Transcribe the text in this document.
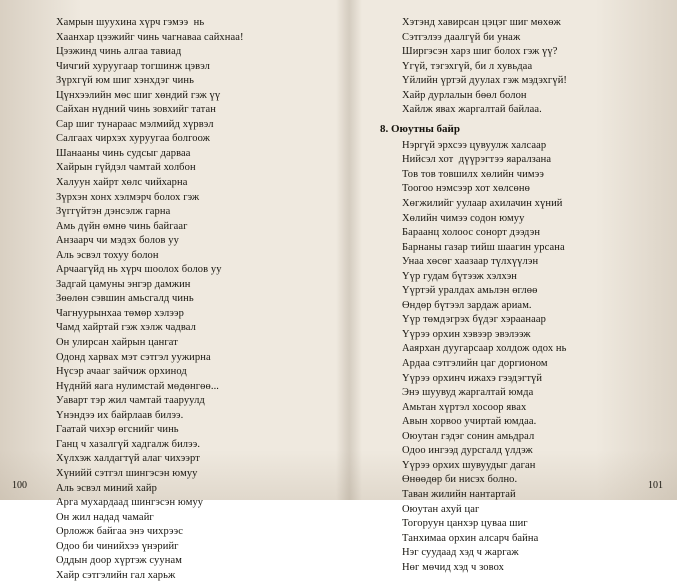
Хамрын шуухина хүрч гэмээ  нь
Хаанхар цээжийг чинь чагнаваа сайхнаа!
Цээжинд чинь алгаа тавиад
Чичгий хуруугаар тогшинж цэвэл
Зүрхгүй юм шиг хэнхдэг чинь
Цүнхээлийн мөс шиг хөндий гэж үү
Сайхан нүдний чинь зовхийг татан
Сар шиг тунараас мэлмийд хүрвэл
Салгаах чирхэх хуруугаа болгоож
Шанааны чинь судсыг дарваа
Хайрын гүйдэл чамтай холбон
Халуун хайрт хөлс чийхарна
Зүрхэн хонх хэлмэрч болох гэж
Зүггүйтэн дэнсэлж гарна
Амь дүйн өмнө чинь байгааг
Анзаарч чи мэдэх болов уу
Аль эсвэл тохуу болон
Арчаагүйд нь хүрч шоолох болов уу
Задгай цамуны энгэр дамжин
Зөөлөн сэвшин амьсгалд чинь
Чагнуурынхаа төмөр хэлээр
Чамд хайртай гэж хэлж чадвал
Он улирсан хайрын цангат
Одонд харвах мэт сэтгэл уужирна
Нүсэр ачааг зайчиж орхинод
Нүднйй яага нулимстай мөдөнгөө...
Уаварт тэр жил чамтай тааруулд
Үнэндээ их байрлаав билээ.
Гаатай чихэр өгснийг чинь
Ганц ч хазалгүй хадгалж билээ.
Хүлхэж халдагтүй алаг чихээрт
Хүнийй сэтгэл шингэсэн юмуу
Аль эсвэл миний хайр
Арга мухардаад шингэсэн юмуу
Он жил надад чамайг
Орложж байгаа энэ чихрээс
Одоо би чинийхээ үнэрийг
Оддын доор хүртэж суунам
Хайр сэтгэлийн гал харьж
Хэтэнд хавирсан цэцэг шиг мөхөж
Сэтгэлээ даалгүй би унаж
Ширгэсэн харз шиг болох гэж үү?
Үгүй, тэгэхгүй, би л хувьдаа
Үйлийн үртэй дуулах гэж мэдэхгүй!
Хайр дурлалын бөөл болон
Хайлж явах жаргалтай байлаа.
8. Оюутны байр
Нэргүй эрхсээ цувуулж халсаар
Нийсэл хот  дүүрэгтээ яаралзана
Тов тов товшилх хөлийн чимээ
Тоогоо нэмсээр хот хөлсөнө
Хөгжилийг уулаар ахилачин хүний
Хөлийн чимээ содон юмуу
Бараанц холоос сонорт дээдэн
Барнаны газар тийш шаагин урсана
Унаа хөсөг хаазаар түлхүүлэн
Үүр гудам бүтээж хэлхэн
Үүртэй уралдах амьлэн өглөө
Өндөр бүтээл зардаж ариам.
Үүр төмдэгрэх бүдэг хэраанаар
Үүрээ орхин хэвээр эвэлээж
Ааярхан дуугарсаар холдож одох нь
Ардаа сэтгэлийн цаг доргионом
Үүрээ орхинч ижахэ гээдэгтүй
Энэ шуувуд жаргалтай юмда
Амьтан хүртэл хосоор явах
Авын хорвоо учиртай юмдаа.
Оюутан гэдэг сонин амьдрал
Одоо ингээд дурсгалд үлдэж
Үүрээ орхих шувуудыг даган
Өнөөдөр би нисэх болно.
Таван жилийн нантартай
Оюутан ахуй цаг
Тогоруун цанхэр цувaa шиг
Танхимаа орхин алсарч байна
Нэг суудаад хэд ч жаргаж
Нөг мөчид хэд ч зовох
100	101
